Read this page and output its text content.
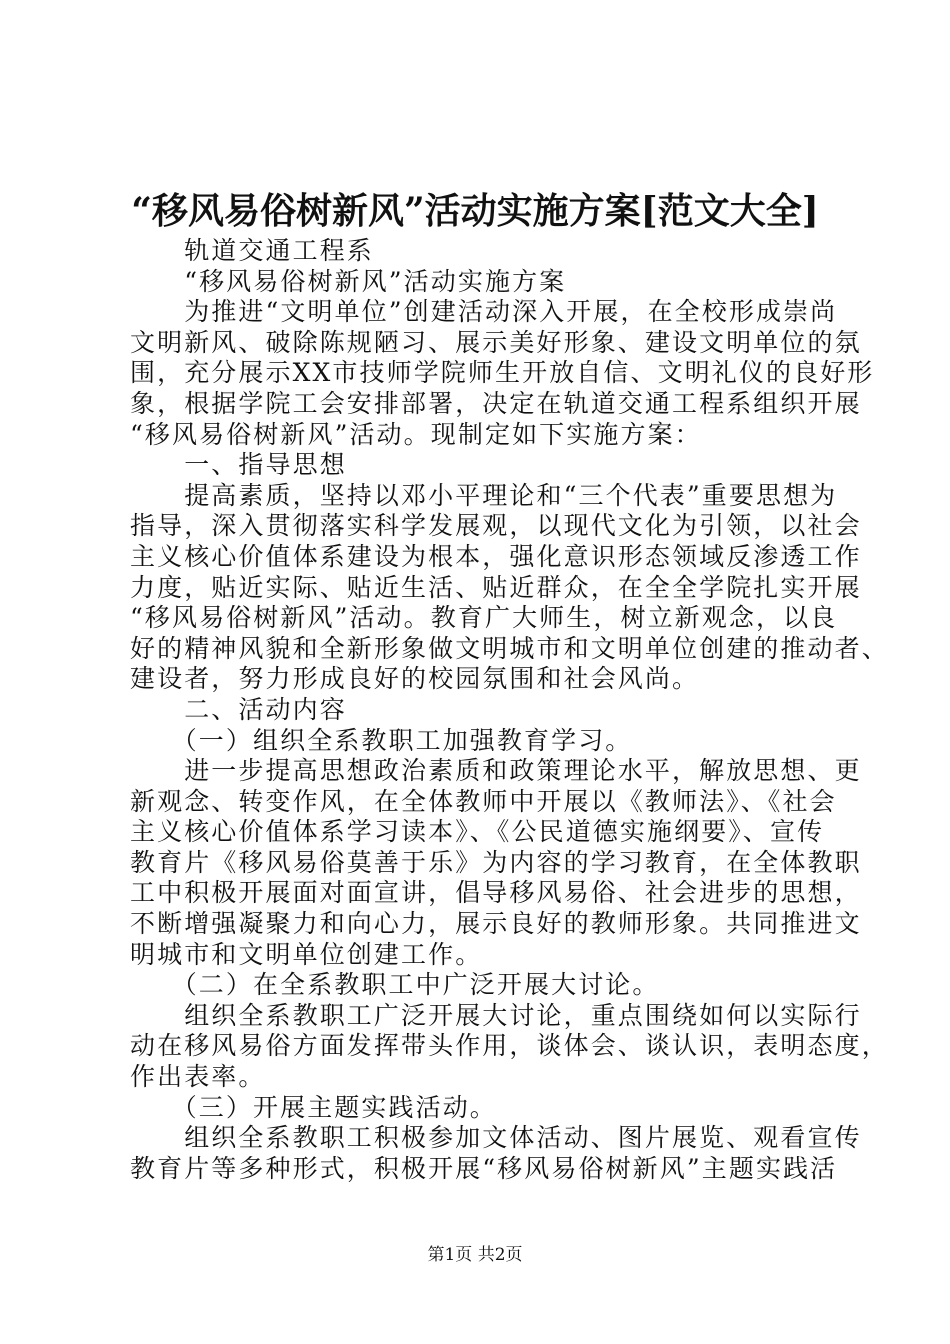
“移风易俗树新风”活动实施方案[范文大全]
　　轨道交通工程系
　　“移风易俗树新风”活动实施方案
　　为推进“文明单位”创建活动深入开展，在全校形成崇尚
文明新风、破除陈规陋习、展示美好形象、建设文明单位的氛
围，充分展示XX市技师学院师生开放自信、文明礼仪的良好形
象，根据学院工会安排部署，决定在轨道交通工程系组织开展
“移风易俗树新风”活动。现制定如下实施方案：
　　一、指导思想
　　提高素质，坚持以邓小平理论和“三个代表”重要思想为
指导，深入贯彻落实科学发展观，以现代文化为引领，以社会
主义核心价值体系建设为根本，强化意识形态领域反渗透工作
力度，贴近实际、贴近生活、贴近群众，在全全学院扎实开展
“移风易俗树新风”活动。教育广大师生，树立新观念，以良
好的精神风貌和全新形象做文明城市和文明单位创建的推动者、
建设者，努力形成良好的校园氛围和社会风尚。
　　二、活动内容
　　（一）组织全系教职工加强教育学习。
　　进一步提高思想政治素质和政策理论水平，解放思想、更
新观念、转变作风，在全体教师中开展以《教师法》、《社会
主义核心价值体系学习读本》、《公民道德实施纲要》、宣传
教育片《移风易俗莫善于乐》为内容的学习教育，在全体教职
工中积极开展面对面宣讲，倡导移风易俗、社会进步的思想，
不断增强凝聚力和向心力，展示良好的教师形象。共同推进文
明城市和文明单位创建工作。
　　（二）在全系教职工中广泛开展大讨论。
　　组织全系教职工广泛开展大讨论，重点围绕如何以实际行
动在移风易俗方面发挥带头作用，谈体会、谈认识，表明态度，
作出表率。
　　（三）开展主题实践活动。
　　组织全系教职工积极参加文体活动、图片展览、观看宣传
教育片等多种形式，积极开展“移风易俗树新风”主题实践活
第1页 共2页
